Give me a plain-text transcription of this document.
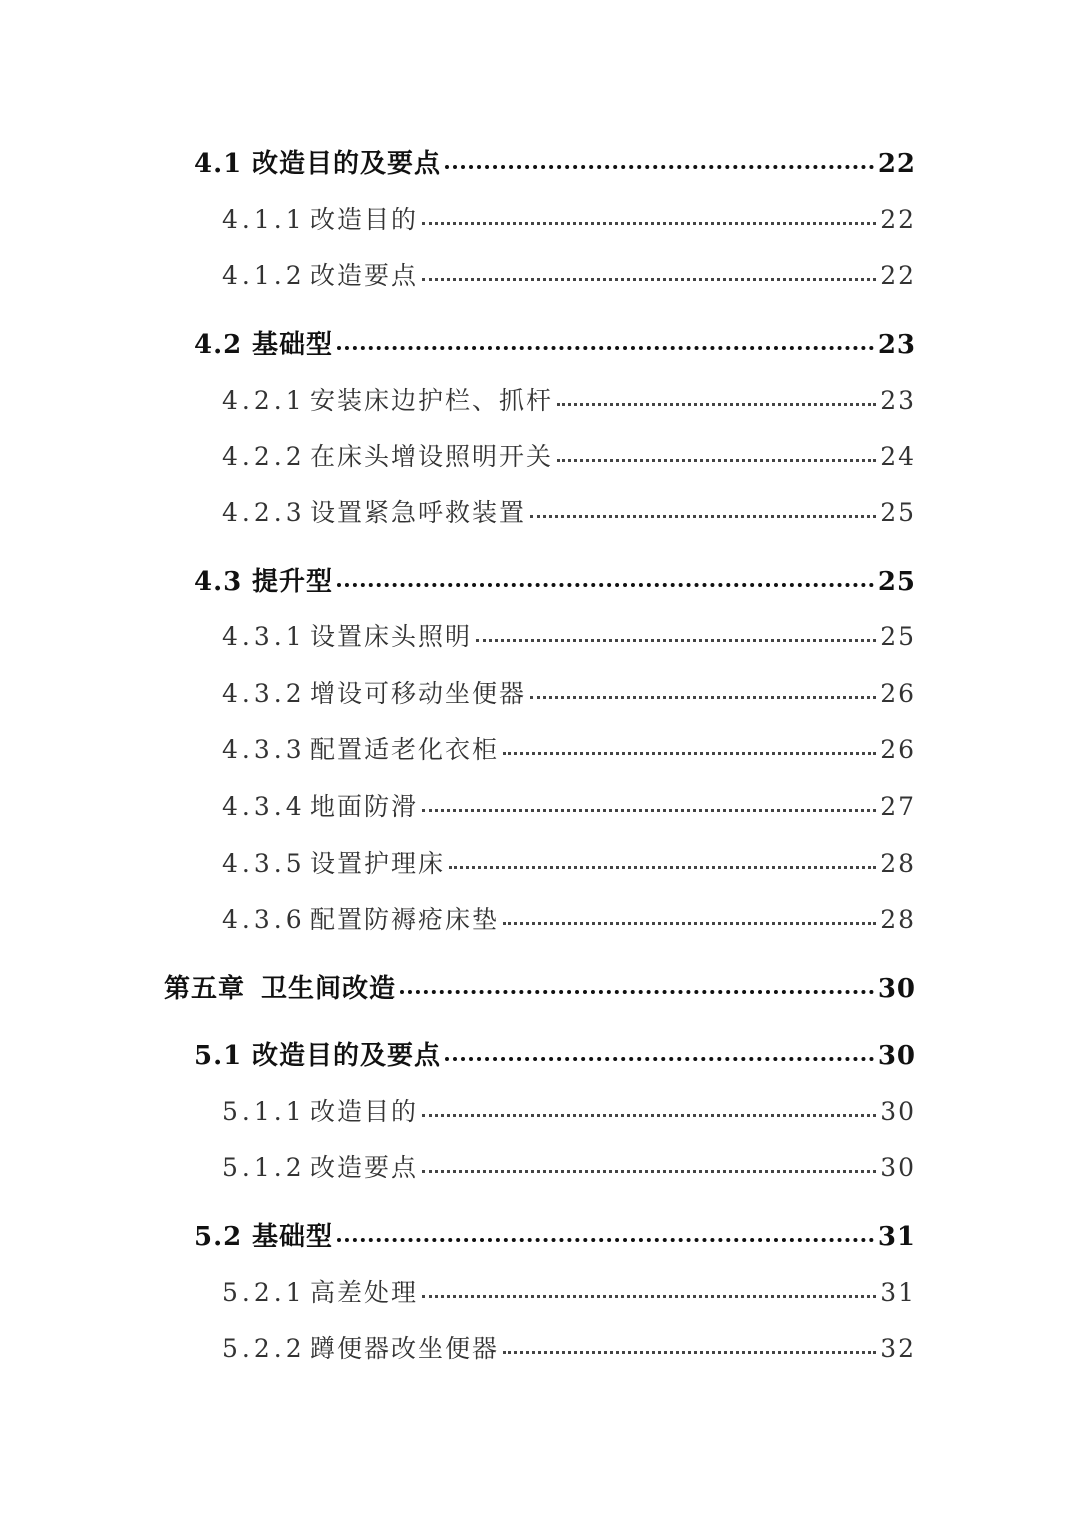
4.1 改造目的及要点	22
4.1.1 改造目的	22
4.1.2 改造要点	22
4.2 基础型	23
4.2.1 安装床边护栏、抓杆	23
4.2.2 在床头增设照明开关	24
4.2.3 设置紧急呼救装置	25
4.3 提升型	25
4.3.1 设置床头照明	25
4.3.2 增设可移动坐便器	26
4.3.3 配置适老化衣柜	26
4.3.4 地面防滑	27
4.3.5 设置护理床	28
4.3.6 配置防褥疮床垫	28
第五章 卫生间改造	30
5.1 改造目的及要点	30
5.1.1 改造目的	30
5.1.2 改造要点	30
5.2 基础型	31
5.2.1 高差处理	31
5.2.2 蹲便器改坐便器	32
